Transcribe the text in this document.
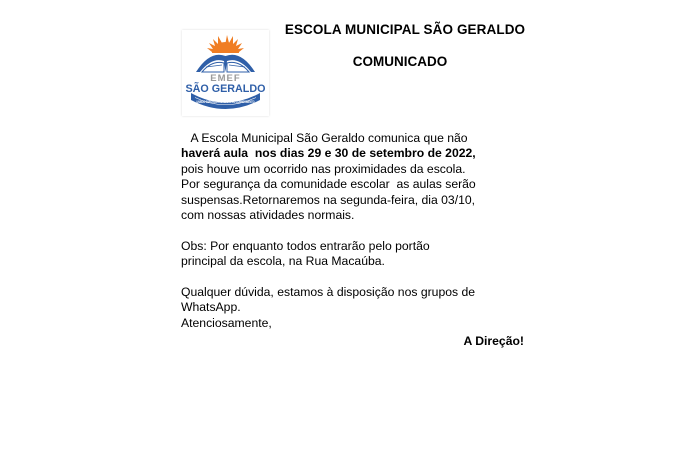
EMEF
SÃO GERALDO
UNINDO ESFORÇOS EM BUSCA DO CONHECIMENTO
ESCOLA MUNICIPAL SÃO GERALDO
COMUNICADO
A Escola Municipal São Geraldo comunica que não
haverá aula  nos dias 29 e 30 de setembro de 2022,
pois houve um ocorrido nas proximidades da escola.
Por segurança da comunidade escolar  as aulas serão
suspensas.Retornaremos na segunda-feira, dia 03/10,
com nossas atividades normais.
Obs: Por enquanto todos entrarão pelo portão
principal da escola, na Rua Macaúba.
Qualquer dúvida, estamos à disposição nos grupos de
WhatsApp.
Atenciosamente,
A Direção!
